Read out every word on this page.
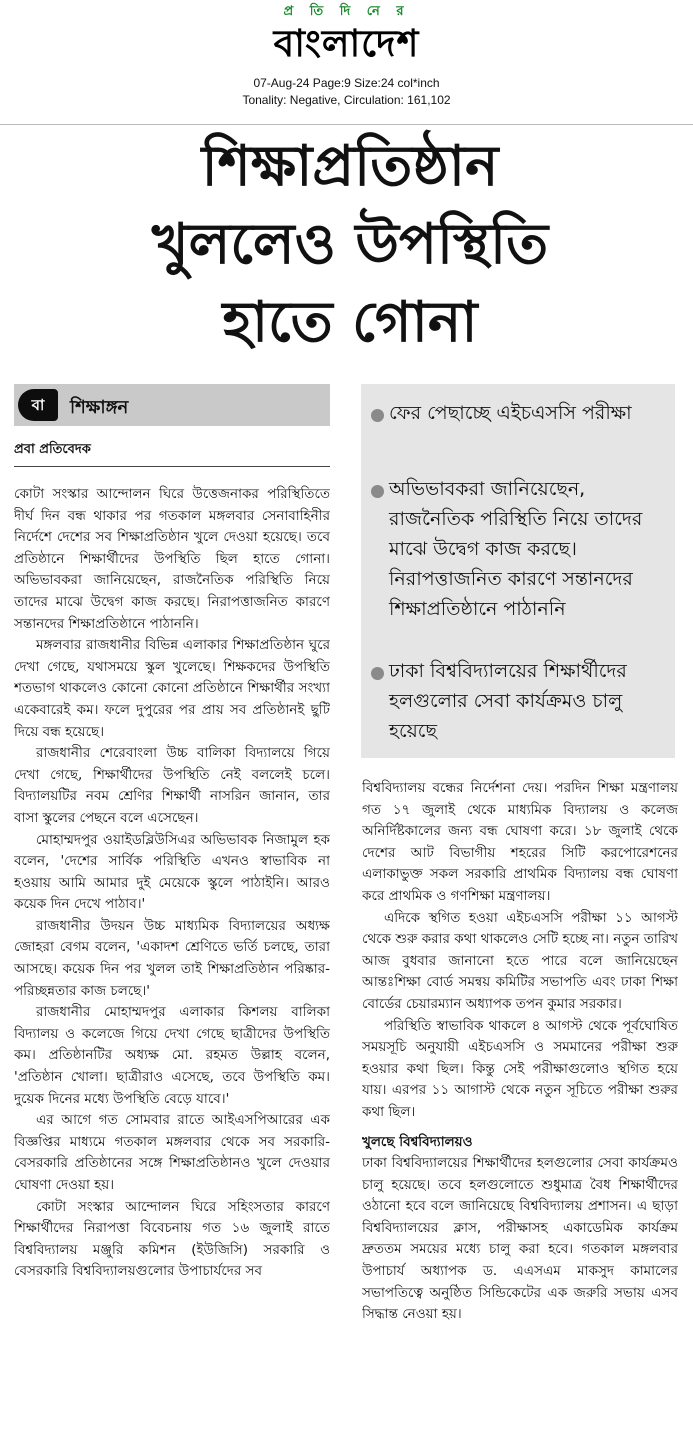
প্র তি দি নে র
বাংলাদেশ
07-Aug-24 Page:9 Size:24 col*inch
Tonality: Negative, Circulation: 161,102
শিক্ষাপ্রতিষ্ঠান
খুললেও উপস্থিতি
হাতে গোনা
বা	শিক্ষাঙ্গন
প্রবা প্রতিবেদক

কোটা সংস্কার আন্দোলন ঘিরে উত্তেজনাকর পরিস্থিতিতে দীর্ঘ দিন বন্ধ থাকার পর গতকাল মঙ্গলবার সেনাবাহিনীর নির্দেশে দেশের সব শিক্ষাপ্রতিষ্ঠান খুলে দেওয়া হয়েছে। তবে প্রতিষ্ঠানে শিক্ষার্থীদের উপস্থিতি ছিল হাতে গোনা। অভিভাবকরা জানিয়েছেন, রাজনৈতিক পরিস্থিতি নিয়ে তাদের মাঝে উদ্বেগ কাজ করছে। নিরাপত্তাজনিত কারণে সন্তানদের শিক্ষাপ্রতিষ্ঠানে পাঠাননি।

মঙ্গলবার রাজধানীর বিভিন্ন এলাকার শিক্ষাপ্রতিষ্ঠান ঘুরে দেখা গেছে, যথাসময়ে স্কুল খুলেছে। শিক্ষকদের উপস্থিতি শতভাগ থাকলেও কোনো কোনো প্রতিষ্ঠানে শিক্ষার্থীর সংখ্যা একেবারেই কম। ফলে দুপুরের পর প্রায় সব প্রতিষ্ঠানই ছুটি দিয়ে বন্ধ হয়েছে।

রাজধানীর শেরেবাংলা উচ্চ বালিকা বিদ্যালয়ে গিয়ে দেখা গেছে, শিক্ষার্থীদের উপস্থিতি নেই বললেই চলে। বিদ্যালয়টির নবম শ্রেণির শিক্ষার্থী নাসরিন জানান, তার বাসা স্কুলের পেছনে বলে এসেছেন।

মোহাম্মদপুর ওয়াইডব্লিউসিএর অভিভাবক নিজামুল হক বলেন, 'দেশের সার্বিক পরিস্থিতি এখনও স্বাভাবিক না হওয়ায় আমি আমার দুই মেয়েকে স্কুলে পাঠাইনি। আরও কয়েক দিন দেখে পাঠাব।'

রাজধানীর উদয়ন উচ্চ মাধ্যমিক বিদ্যালয়ের অধ্যক্ষ জোহরা বেগম বলেন, 'একাদশ শ্রেণিতে ভর্তি চলছে, তারা আসছে। কয়েক দিন পর খুলল তাই শিক্ষাপ্রতিষ্ঠান পরিষ্কার-পরিচ্ছন্নতার কাজ চলছে।'

রাজধানীর মোহাম্মদপুর এলাকার কিশলয় বালিকা বিদ্যালয় ও কলেজে গিয়ে দেখা গেছে ছাত্রীদের উপস্থিতি কম। প্রতিষ্ঠানটির অধ্যক্ষ মো. রহমত উল্লাহ বলেন, 'প্রতিষ্ঠান খোলা। ছাত্রীরাও এসেছে, তবে উপস্থিতি কম। দুয়েক দিনের মধ্যে উপস্থিতি বেড়ে যাবে।'

এর আগে গত সোমবার রাতে আইএসপিআরের এক বিজ্ঞপ্তির মাধ্যমে গতকাল মঙ্গলবার থেকে সব সরকারি-বেসরকারি প্রতিষ্ঠানের সঙ্গে শিক্ষাপ্রতিষ্ঠানও খুলে দেওয়ার ঘোষণা দেওয়া হয়।

কোটা সংস্কার আন্দোলন ঘিরে সহিংসতার কারণে শিক্ষার্থীদের নিরাপত্তা বিবেচনায় গত ১৬ জুলাই রাতে বিশ্ববিদ্যালয় মঞ্জুরি কমিশন (ইউজিসি) সরকারি ও বেসরকারি বিশ্ববিদ্যালয়গুলোর উপাচার্যদের সব

ফের পেছাচ্ছে এইচএসসি পরীক্ষা
অভিভাবকরা জানিয়েছেন, রাজনৈতিক পরিস্থিতি নিয়ে তাদের মাঝে উদ্বেগ কাজ করছে। নিরাপত্তাজনিত কারণে সন্তানদের শিক্ষাপ্রতিষ্ঠানে পাঠাননি
ঢাকা বিশ্ববিদ্যালয়ের শিক্ষার্থীদের হলগুলোর সেবা কার্যক্রমও চালু হয়েছে

বিশ্ববিদ্যালয় বন্ধের নির্দেশনা দেয়। পরদিন শিক্ষা মন্ত্রণালয় গত ১৭ জুলাই থেকে মাধ্যমিক বিদ্যালয় ও কলেজ অনির্দিষ্টকালের জন্য বন্ধ ঘোষণা করে। ১৮ জুলাই থেকে দেশের আট বিভাগীয় শহরের সিটি করপোরেশনের এলাকাভুক্ত সকল সরকারি প্রাথমিক বিদ্যালয় বন্ধ ঘোষণা করে প্রাথমিক ও গণশিক্ষা মন্ত্রণালয়।

এদিকে স্থগিত হওয়া এইচএসসি পরীক্ষা ১১ আগস্ট থেকে শুরু করার কথা থাকলেও সেটি হচ্ছে না। নতুন তারিখ আজ বুধবার জানানো হতে পারে বলে জানিয়েছেন আন্তঃশিক্ষা বোর্ড সমন্বয় কমিটির সভাপতি এবং ঢাকা শিক্ষা বোর্ডের চেয়ারম্যান অধ্যাপক তপন কুমার সরকার।

পরিস্থিতি স্বাভাবিক থাকলে ৪ আগস্ট থেকে পূর্বঘোষিত সময়সূচি অনুযায়ী এইচএসসি ও সমমানের পরীক্ষা শুরু হওয়ার কথা ছিল। কিন্তু সেই পরীক্ষাগুলোও স্থগিত হয়ে যায়। এরপর ১১ আগাস্ট থেকে নতুন সূচিতে পরীক্ষা শুরুর কথা ছিল।

খুলছে বিশ্ববিদ্যালয়ও

ঢাকা বিশ্ববিদ্যালয়ের শিক্ষার্থীদের হলগুলোর সেবা কার্যক্রমও চালু হয়েছে। তবে হলগুলোতে শুধুমাত্র বৈধ শিক্ষার্থীদের ওঠানো হবে বলে জানিয়েছে বিশ্ববিদ্যালয় প্রশাসন। এ ছাড়া বিশ্ববিদ্যালয়ের ক্লাস, পরীক্ষাসহ একাডেমিক কার্যক্রম দ্রুততম সময়ের মধ্যে চালু করা হবে। গতকাল মঙ্গলবার উপাচার্য অধ্যাপক ড. এএসএম মাকসুদ কামালের সভাপতিত্বে অনুষ্ঠিত সিন্ডিকেটের এক জরুরি সভায় এসব সিদ্ধান্ত নেওয়া হয়।
